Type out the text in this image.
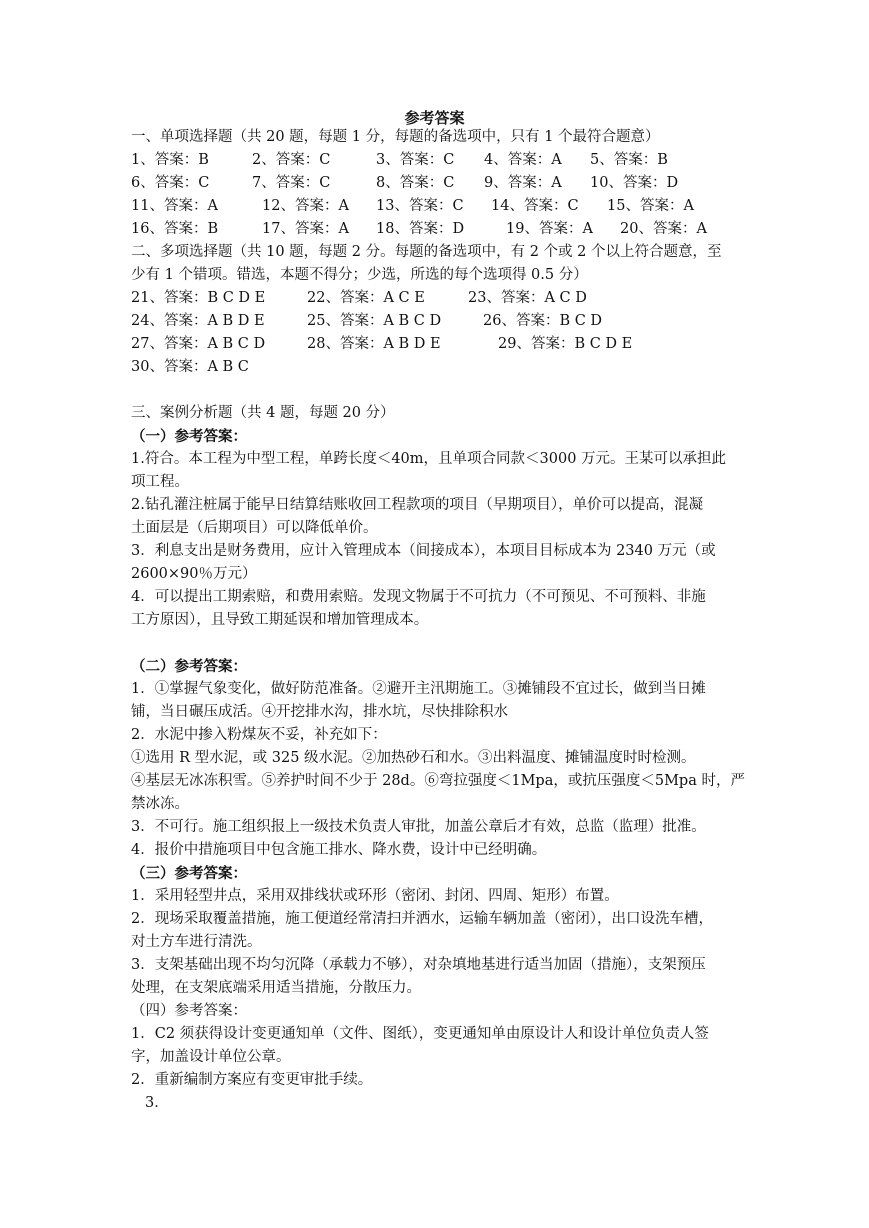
参考答案
一、单项选择题（共 20 题，每题 1 分，每题的备选项中，只有 1 个最符合题意）
1、答案：B	2、答案：C	3、答案：C 4、答案：A 5、答案：B
6、答案：C	7、答案：C	8、答案：C 9、答案：A 10、答案：D
11、答案：A	12、答案：A 13、答案：C 14、答案：C 15、答案：A
16、答案：B	17、答案：A 18、答案：D	19、答案：A 20、答案：A
二、多项选择题（共 10 题，每题 2 分。每题的备选项中，有 2 个或 2 个以上符合题意，至
少有 1 个错项。错选，本题不得分；少选，所选的每个选项得 0.5 分）
21、答案：B C D E	22、答案：A C E	23、答案：A C D
24、答案：A B D E	25、答案：A B C D	26、答案：B C D
27、答案：A B C D	28、答案：A B D E	29、答案：B C D E
30、答案：A B C
三、案例分析题（共 4 题，每题 20 分）
（一）参考答案：
1.符合。本工程为中型工程，单跨长度＜40m，且单项合同款＜3000 万元。王某可以承担此
项工程。
2.钻孔灌注桩属于能早日结算结账收回工程款项的项目（早期项目），单价可以提高，混凝
土面层是（后期项目）可以降低单价。
3．利息支出是财务费用，应计入管理成本（间接成本），本项目目标成本为 2340 万元（或
2600×90％万元）
4．可以提出工期索赔，和费用索赔。发现文物属于不可抗力（不可预见、不可预料、非施
工方原因），且导致工期延误和增加管理成本。
（二）参考答案：
1．①掌握气象变化，做好防范准备。②避开主汛期施工。③摊铺段不宜过长，做到当日摊
铺，当日碾压成活。④开挖排水沟，排水坑，尽快排除积水
2．水泥中掺入粉煤灰不妥，补充如下：
①选用 R 型水泥，或 325 级水泥。②加热砂石和水。③出料温度、摊铺温度时时检测。
④基层无冰冻积雪。⑤养护时间不少于 28d。⑥弯拉强度＜1Mpa，或抗压强度＜5Mpa 时，严
禁冰冻。
3．不可行。施工组织报上一级技术负责人审批，加盖公章后才有效，总监（监理）批准。
4．报价中措施项目中包含施工排水、降水费，设计中已经明确。
（三）参考答案：
1．采用轻型井点，采用双排线状或环形（密闭、封闭、四周、矩形）布置。
2．现场采取覆盖措施，施工便道经常清扫并洒水，运输车辆加盖（密闭），出口设洗车槽，
对土方车进行清洗。
3．支架基础出现不均匀沉降（承载力不够），对杂填地基进行适当加固（措施），支架预压
处理，在支架底端采用适当措施，分散压力。
（四）参考答案：
1．C2 须获得设计变更通知单（文件、图纸），变更通知单由原设计人和设计单位负责人签
字，加盖设计单位公章。
2．重新编制方案应有变更审批手续。
3．
